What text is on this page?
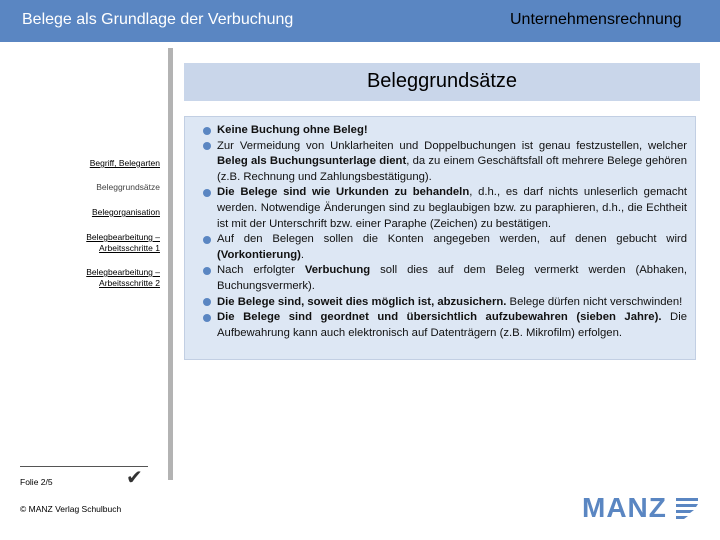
Belege als Grundlage der Verbuchung	Unternehmensrechnung
Beleggrundsätze
Begriff, Belegarten
Beleggrundsätze
Belegorganisation
Belegbearbeitung – Arbeitsschritte 1
Belegbearbeitung – Arbeitsschritte 2
Keine Buchung ohne Beleg!
Zur Vermeidung von Unklarheiten und Doppelbuchungen ist genau festzustellen, welcher Beleg als Buchungsunterlage dient, da zu einem Geschäftsfall oft mehrere Belege gehören (z.B. Rechnung und Zahlungsbestätigung).
Die Belege sind wie Urkunden zu behandeln, d.h., es darf nichts unleserlich gemacht werden. Notwendige Änderungen sind zu beglaubigen bzw. zu paraphieren, d.h., die Echtheit ist mit der Unterschrift bzw. einer Paraphe (Zeichen) zu bestätigen.
Auf den Belegen sollen die Konten angegeben werden, auf denen gebucht wird (Vorkontierung).
Nach erfolgter Verbuchung soll dies auf dem Beleg vermerkt werden (Abhaken, Buchungsvermerk).
Die Belege sind, soweit dies möglich ist, abzusichern. Belege dürfen nicht verschwinden!
Die Belege sind geordnet und übersichtlich aufzubewahren (sieben Jahre). Die Aufbewahrung kann auch elektronisch auf Datenträgern (z.B. Mikrofilm) erfolgen.
Folie 2/5	✔
© MANZ Verlag Schulbuch	MANZ
